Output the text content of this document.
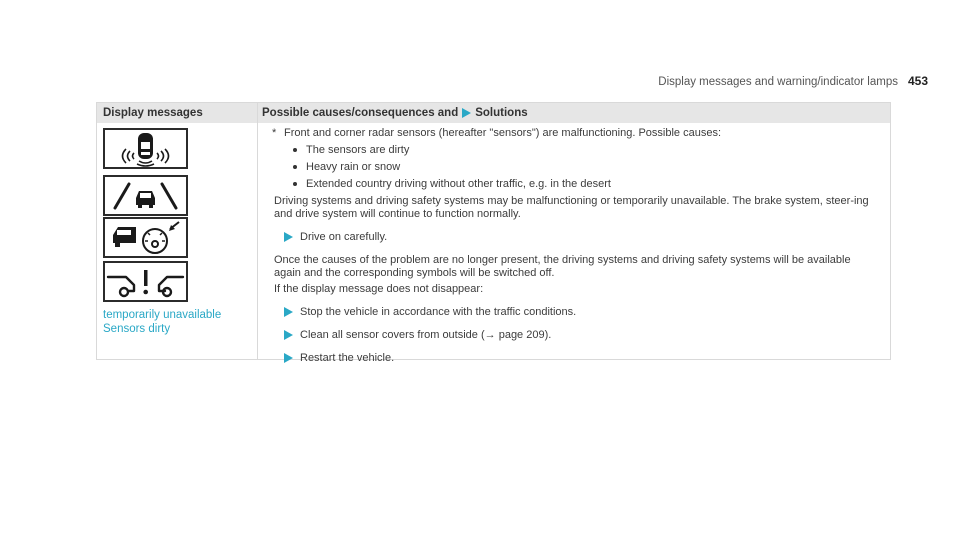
Display messages and warning/indicator lamps 453
Display messages	Possible causes/consequences and Solutions
temporarily unavailable
Sensors dirty

* Front and corner radar sensors (hereafter "sensors") are malfunctioning. Possible causes:

The sensors are dirty
Heavy rain or snow
Extended country driving without other traffic, e.g. in the desert

Driving systems and driving safety systems may be malfunctioning or temporarily unavailable. The brake system, steer-ing and drive system will continue to function normally.

Drive on carefully.

Once the causes of the problem are no longer present, the driving systems and driving safety systems will be available again and the corresponding symbols will be switched off.

If the display message does not disappear:

Stop the vehicle in accordance with the traffic conditions.

Clean all sensor covers from outside (→ page 209).

Restart the vehicle.
